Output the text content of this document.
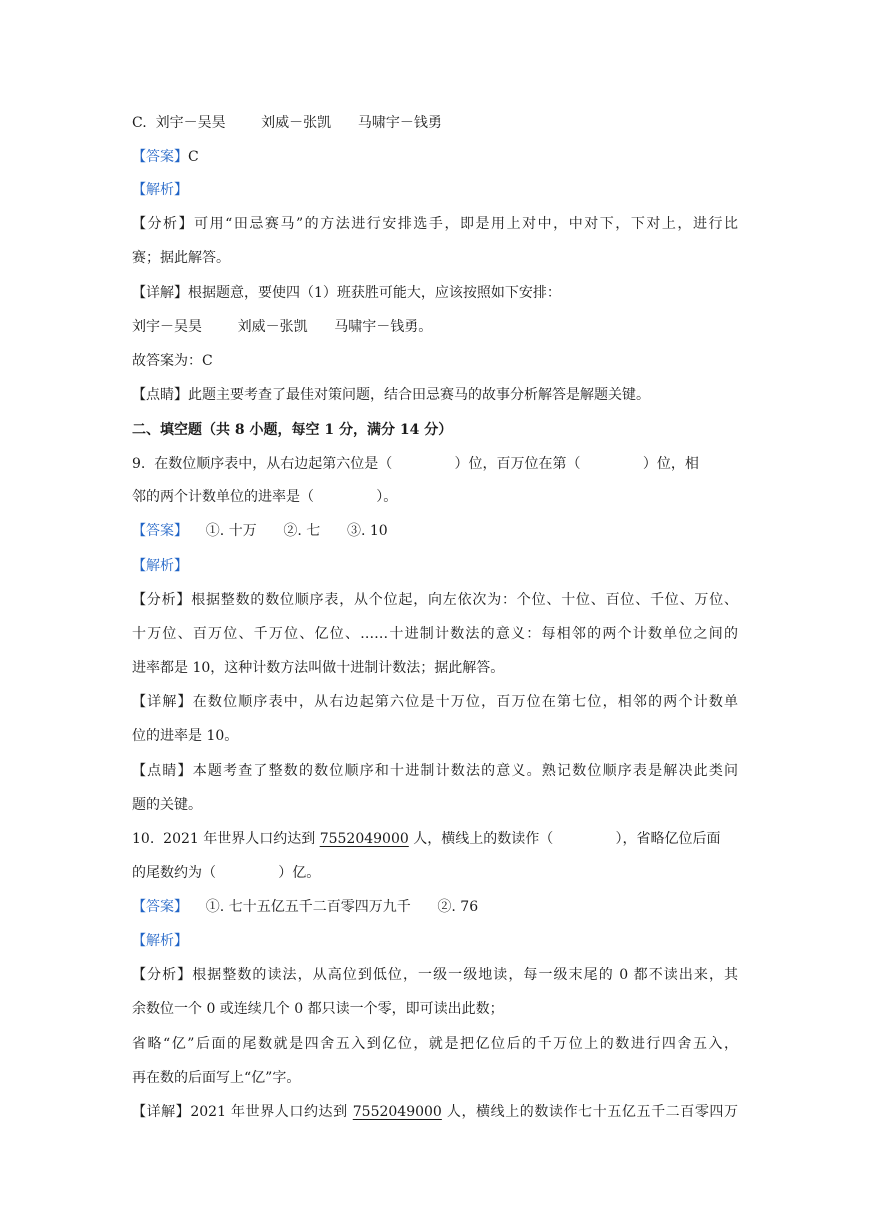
C.  刘宇－吴昊        刘威－张凯      马啸宇－钱勇
【答案】C
【解析】
【分析】可用“田忌赛马”的方法进行安排选手，即是用上对中，中对下，下对上，进行比
赛；据此解答。
【详解】根据题意，要使四（1）班获胜可能大，应该按照如下安排：
刘宇－吴昊        刘威－张凯      马啸宇－钱勇。
故答案为：C
【点睛】此题主要考查了最佳对策问题，结合田忌赛马的故事分析解答是解题关键。
二、填空题（共 8 小题，每空 1 分，满分 14 分）
9.  在数位顺序表中，从右边起第六位是（              ）位，百万位在第（              ）位，相
邻的两个计数单位的进率是（              ）。
【答案】    ①. 十万      ②. 七      ③. 10
【解析】
【分析】根据整数的数位顺序表，从个位起，向左依次为：个位、十位、百位、千位、万位、
十万位、百万位、千万位、亿位、……十进制计数法的意义：每相邻的两个计数单位之间的
进率都是 10，这种计数方法叫做十进制计数法；据此解答。
【详解】在数位顺序表中，从右边起第六位是十万位，百万位在第七位，相邻的两个计数单
位的进率是 10。
【点睛】本题考查了整数的数位顺序和十进制计数法的意义。熟记数位顺序表是解决此类问
题的关键。
10.  2021 年世界人口约达到 7552049000 人，横线上的数读作（              ），省略亿位后面
的尾数约为（              ）亿。
【答案】    ①. 七十五亿五千二百零四万九千      ②. 76
【解析】
【分析】根据整数的读法，从高位到低位，一级一级地读，每一级末尾的 0 都不读出来，其
余数位一个 0 或连续几个 0 都只读一个零，即可读出此数；
省略“亿”后面的尾数就是四舍五入到亿位，就是把亿位后的千万位上的数进行四舍五入，
再在数的后面写上“亿”字。
【详解】2021 年世界人口约达到 7552049000 人，横线上的数读作七十五亿五千二百零四万
